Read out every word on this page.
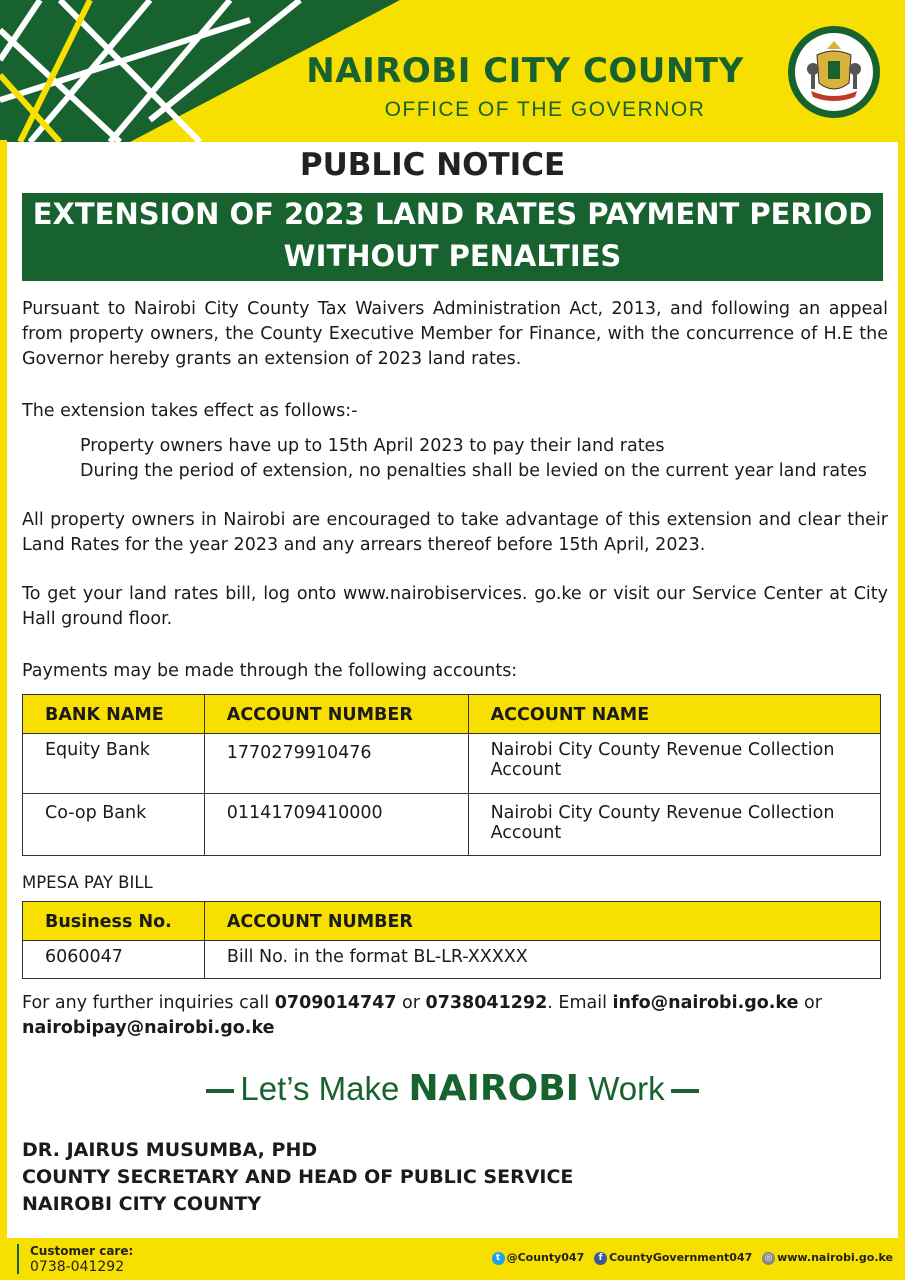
NAIROBI CITY COUNTY
OFFICE OF THE GOVERNOR
PUBLIC NOTICE
EXTENSION OF 2023 LAND RATES PAYMENT PERIOD
WITHOUT PENALTIES
Pursuant to Nairobi City County Tax Waivers Administration Act, 2013, and following an appeal from property owners, the County Executive Member for Finance, with the concurrence of H.E the Governor hereby grants an extension of 2023 land rates.
The extension takes effect as follows:-
Property owners have up to 15th April 2023 to pay their land rates
During the period of extension, no penalties shall be levied on the current year land rates
All property owners in Nairobi are encouraged to take advantage of this extension and clear their Land Rates for the year 2023 and any arrears thereof before 15th April, 2023.
To get your land rates bill, log onto www.nairobiservices. go.ke or visit our Service Center at City Hall ground floor.
Payments may be made through the following accounts:
BANK NAME	ACCOUNT NUMBER	ACCOUNT NAME
Equity Bank	1770279910476	Nairobi City County Revenue Collection Account
Co-op Bank	01141709410000	Nairobi City County Revenue Collection Account
MPESA PAY BILL
Business No.	ACCOUNT NUMBER
6060047	Bill No. in the format BL-LR-XXXXX
For any further inquiries call 0709014747 or 0738041292. Email info@nairobi.go.ke or
nairobipay@nairobi.go.ke
Let’s Make NAIROBI Work
DR. JAIRUS MUSUMBA, PHD
COUNTY SECRETARY AND HEAD OF PUBLIC SERVICE
NAIROBI CITY COUNTY
Customer care:
0738-041292
t @County047 f CountyGovernment047 ◎ www.nairobi.go.ke
